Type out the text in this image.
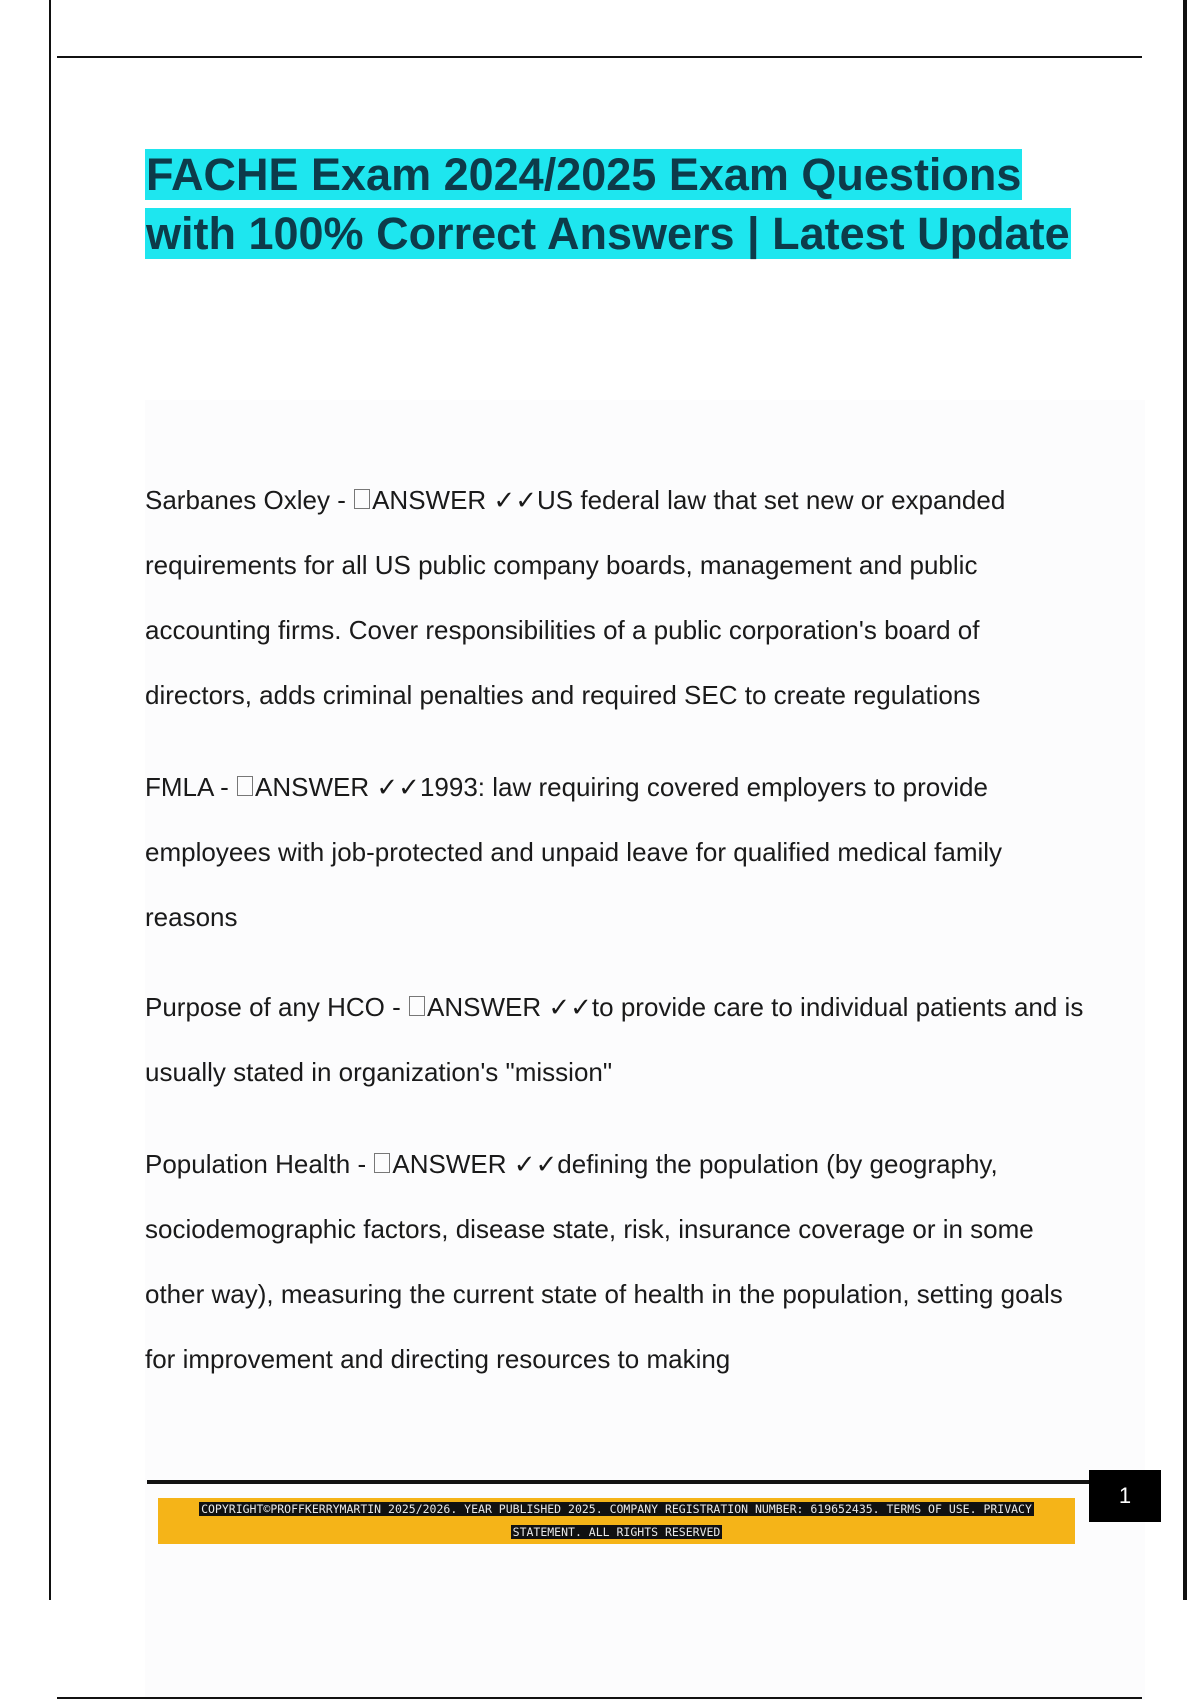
FACHE Exam 2024/2025 Exam Questions with 100% Correct Answers | Latest Update

Sarbanes Oxley - ANSWER ✓✓US federal law that set new or expanded requirements for all US public company boards, management and public accounting firms. Cover responsibilities of a public corporation's board of directors, adds criminal penalties and required SEC to create regulations

FMLA - ANSWER ✓✓1993: law requiring covered employers to provide employees with job-protected and unpaid leave for qualified medical family reasons

Purpose of any HCO - ANSWER ✓✓to provide care to individual patients and is usually stated in organization's "mission"

Population Health - ANSWER ✓✓defining the population (by geography, sociodemographic factors, disease state, risk, insurance coverage or in some other way), measuring the current state of health in the population, setting goals for improvement and directing resources to making

1
COPYRIGHT©PROFFKERRYMARTIN 2025/2026. YEAR PUBLISHED 2025. COMPANY REGISTRATION NUMBER: 619652435. TERMS OF USE. PRIVACY STATEMENT. ALL RIGHTS RESERVED
